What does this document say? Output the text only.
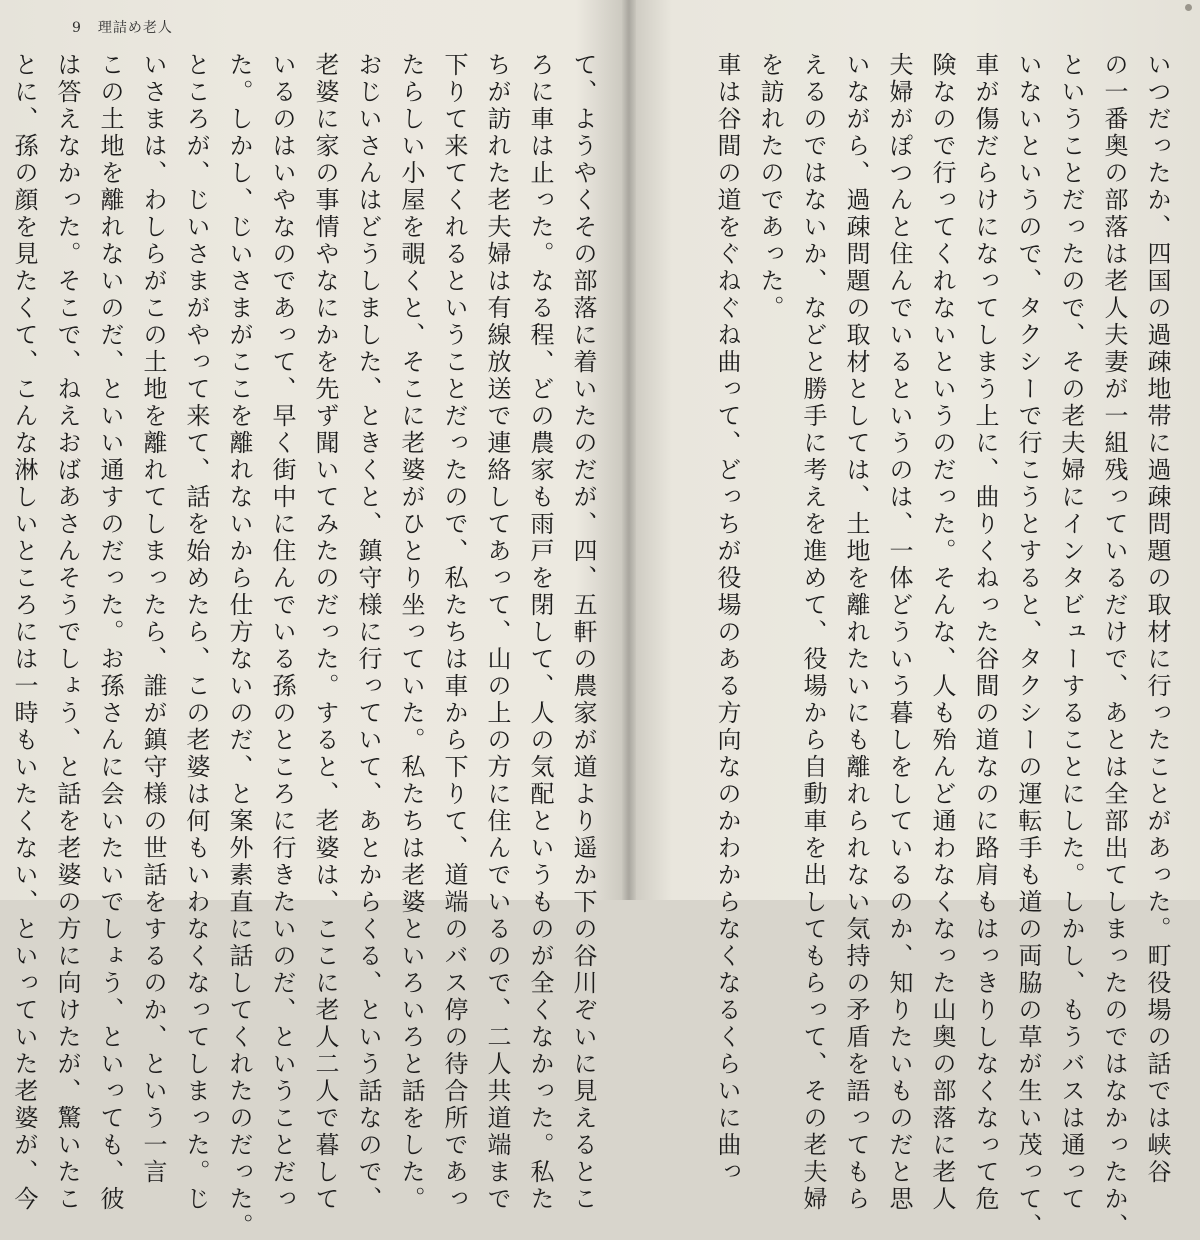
9 理詰め老人

て、ようやくその部落に着いたのだが、四、五軒の農家が道より遥か下の谷川ぞいに見えるとこ

ろに車は止った。なる程、どの農家も雨戸を閉して、人の気配というものが全くなかった。私た

ちが訪れた老夫婦は有線放送で連絡してあって、山の上の方に住んでいるので、二人共道端まで

下りて来てくれるということだったので、私たちは車から下りて、道端のバス停の待合所であっ

たらしい小屋を覗くと、そこに老婆がひとり坐っていた。私たちは老婆といろいろと話をした。

おじいさんはどうしました、ときくと、鎮守様に行っていて、あとからくる、という話なので、

老婆に家の事情やなにかを先ず聞いてみたのだった。すると、老婆は、ここに老人二人で暮して

いるのはいやなのであって、早く街中に住んでいる孫のところに行きたいのだ、ということだっ

た。しかし、じいさまがここを離れないから仕方ないのだ、と案外素直に話してくれたのだった。

ところが、じいさまがやって来て、話を始めたら、この老婆は何もいわなくなってしまった。じ

いさまは、わしらがこの土地を離れてしまったら、誰が鎮守様の世話をするのか、という一言

この土地を離れないのだ、といい通すのだった。お孫さんに会いたいでしょう、といっても、彼

は答えなかった。そこで、ねえおばあさんそうでしょう、と話を老婆の方に向けたが、驚いたこ

とに、孫の顔を見たくて、こんな淋しいところには一時もいたくない、といっていた老婆が、今	いつだったか、四国の過疎地帯に過疎問題の取材に行ったことがあった。町役場の話では峡谷

の一番奥の部落は老人夫妻が一組残っているだけで、あとは全部出てしまったのではなかったか、

ということだったので、その老夫婦にインタビューすることにした。しかし、もうバスは通って

いないというので、タクシーで行こうとすると、タクシーの運転手も道の両脇の草が生い茂って、

車が傷だらけになってしまう上に、曲りくねった谷間の道なのに路肩もはっきりしなくなって危

険なので行ってくれないというのだった。そんな、人も殆んど通わなくなった山奥の部落に老人

夫婦がぽつんと住んでいるというのは、一体どういう暮しをしているのか、知りたいものだと思

いながら、過疎問題の取材としては、土地を離れたいにも離れられない気持の矛盾を語ってもら

えるのではないか、などと勝手に考えを進めて、役場から自動車を出してもらって、その老夫婦

を訪れたのであった。

車は谷間の道をぐねぐね曲って、どっちが役場のある方向なのかわからなくなるくらいに曲っ
